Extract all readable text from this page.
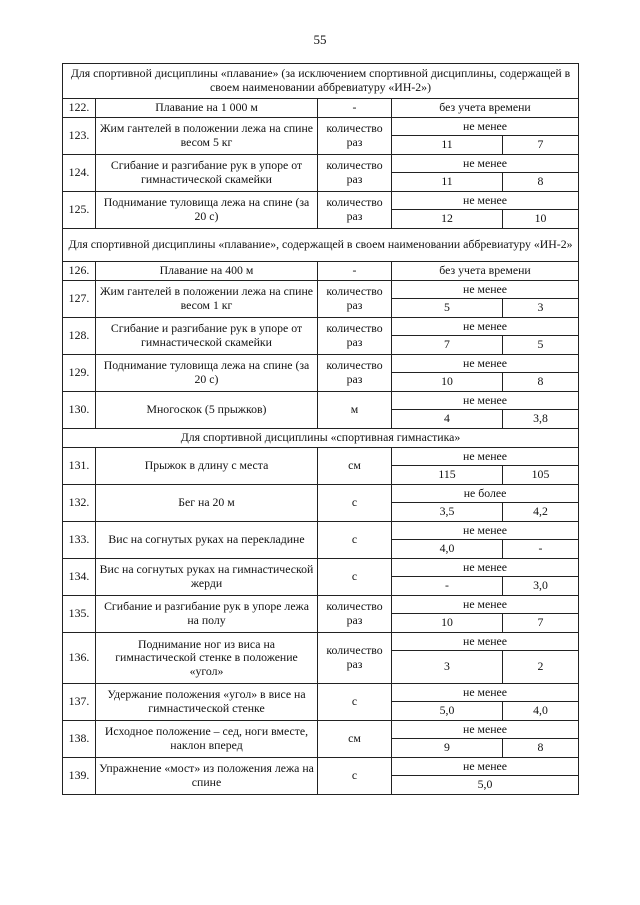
55
Для спортивной дисциплины «плавание» (за исключением спортивной дисциплины, содержащей в своем наименовании аббревиатуру «ИН-2»)				
122.	Плавание на 1 000 м	-	без учета времени	
123.	Жим гантелей в положении лежа на спине весом 5 кг	количество раз	не менее	
			11	7
124.	Сгибание и разгибание рук в упоре от гимнастической скамейки	количество раз	не менее	
			11	8
125.	Поднимание туловища лежа на спине (за 20 с)	количество раз	не менее	
			12	10
Для спортивной дисциплины «плавание», содержащей в своем наименовании аббревиатуру «ИН-2»				
126.	Плавание на 400 м	-	без учета времени	
127.	Жим гантелей в положении лежа на спине весом 1 кг	количество раз	не менее	
			5	3
128.	Сгибание и разгибание рук в упоре от гимнастической скамейки	количество раз	не менее	
			7	5
129.	Поднимание туловища лежа на спине (за 20 с)	количество раз	не менее	
			10	8
130.	Многоскок (5 прыжков)	м	не менее	
			4	3,8
Для спортивной дисциплины «спортивная гимнастика»				
131.	Прыжок в длину с места	см	не менее	
			115	105
132.	Бег на 20 м	с	не более	
			3,5	4,2
133.	Вис на согнутых руках на перекладине	с	не менее	
			4,0	-
134.	Вис на согнутых руках на гимнастической жерди	с	не менее	
			-	3,0
135.	Сгибание и разгибание рук в упоре лежа на полу	количество раз	не менее	
			10	7
136.	Поднимание ног из виса на гимнастической стенке в положение «угол»	количество раз	не менее	
			3	2
137.	Удержание положения «угол» в висе на гимнастической стенке	с	не менее	
			5,0	4,0
138.	Исходное положение – сед, ноги вместе, наклон вперед	см	не менее	
			9	8
139.	Упражнение «мост» из положения лежа на спине	с	не менее	
			5,0	
